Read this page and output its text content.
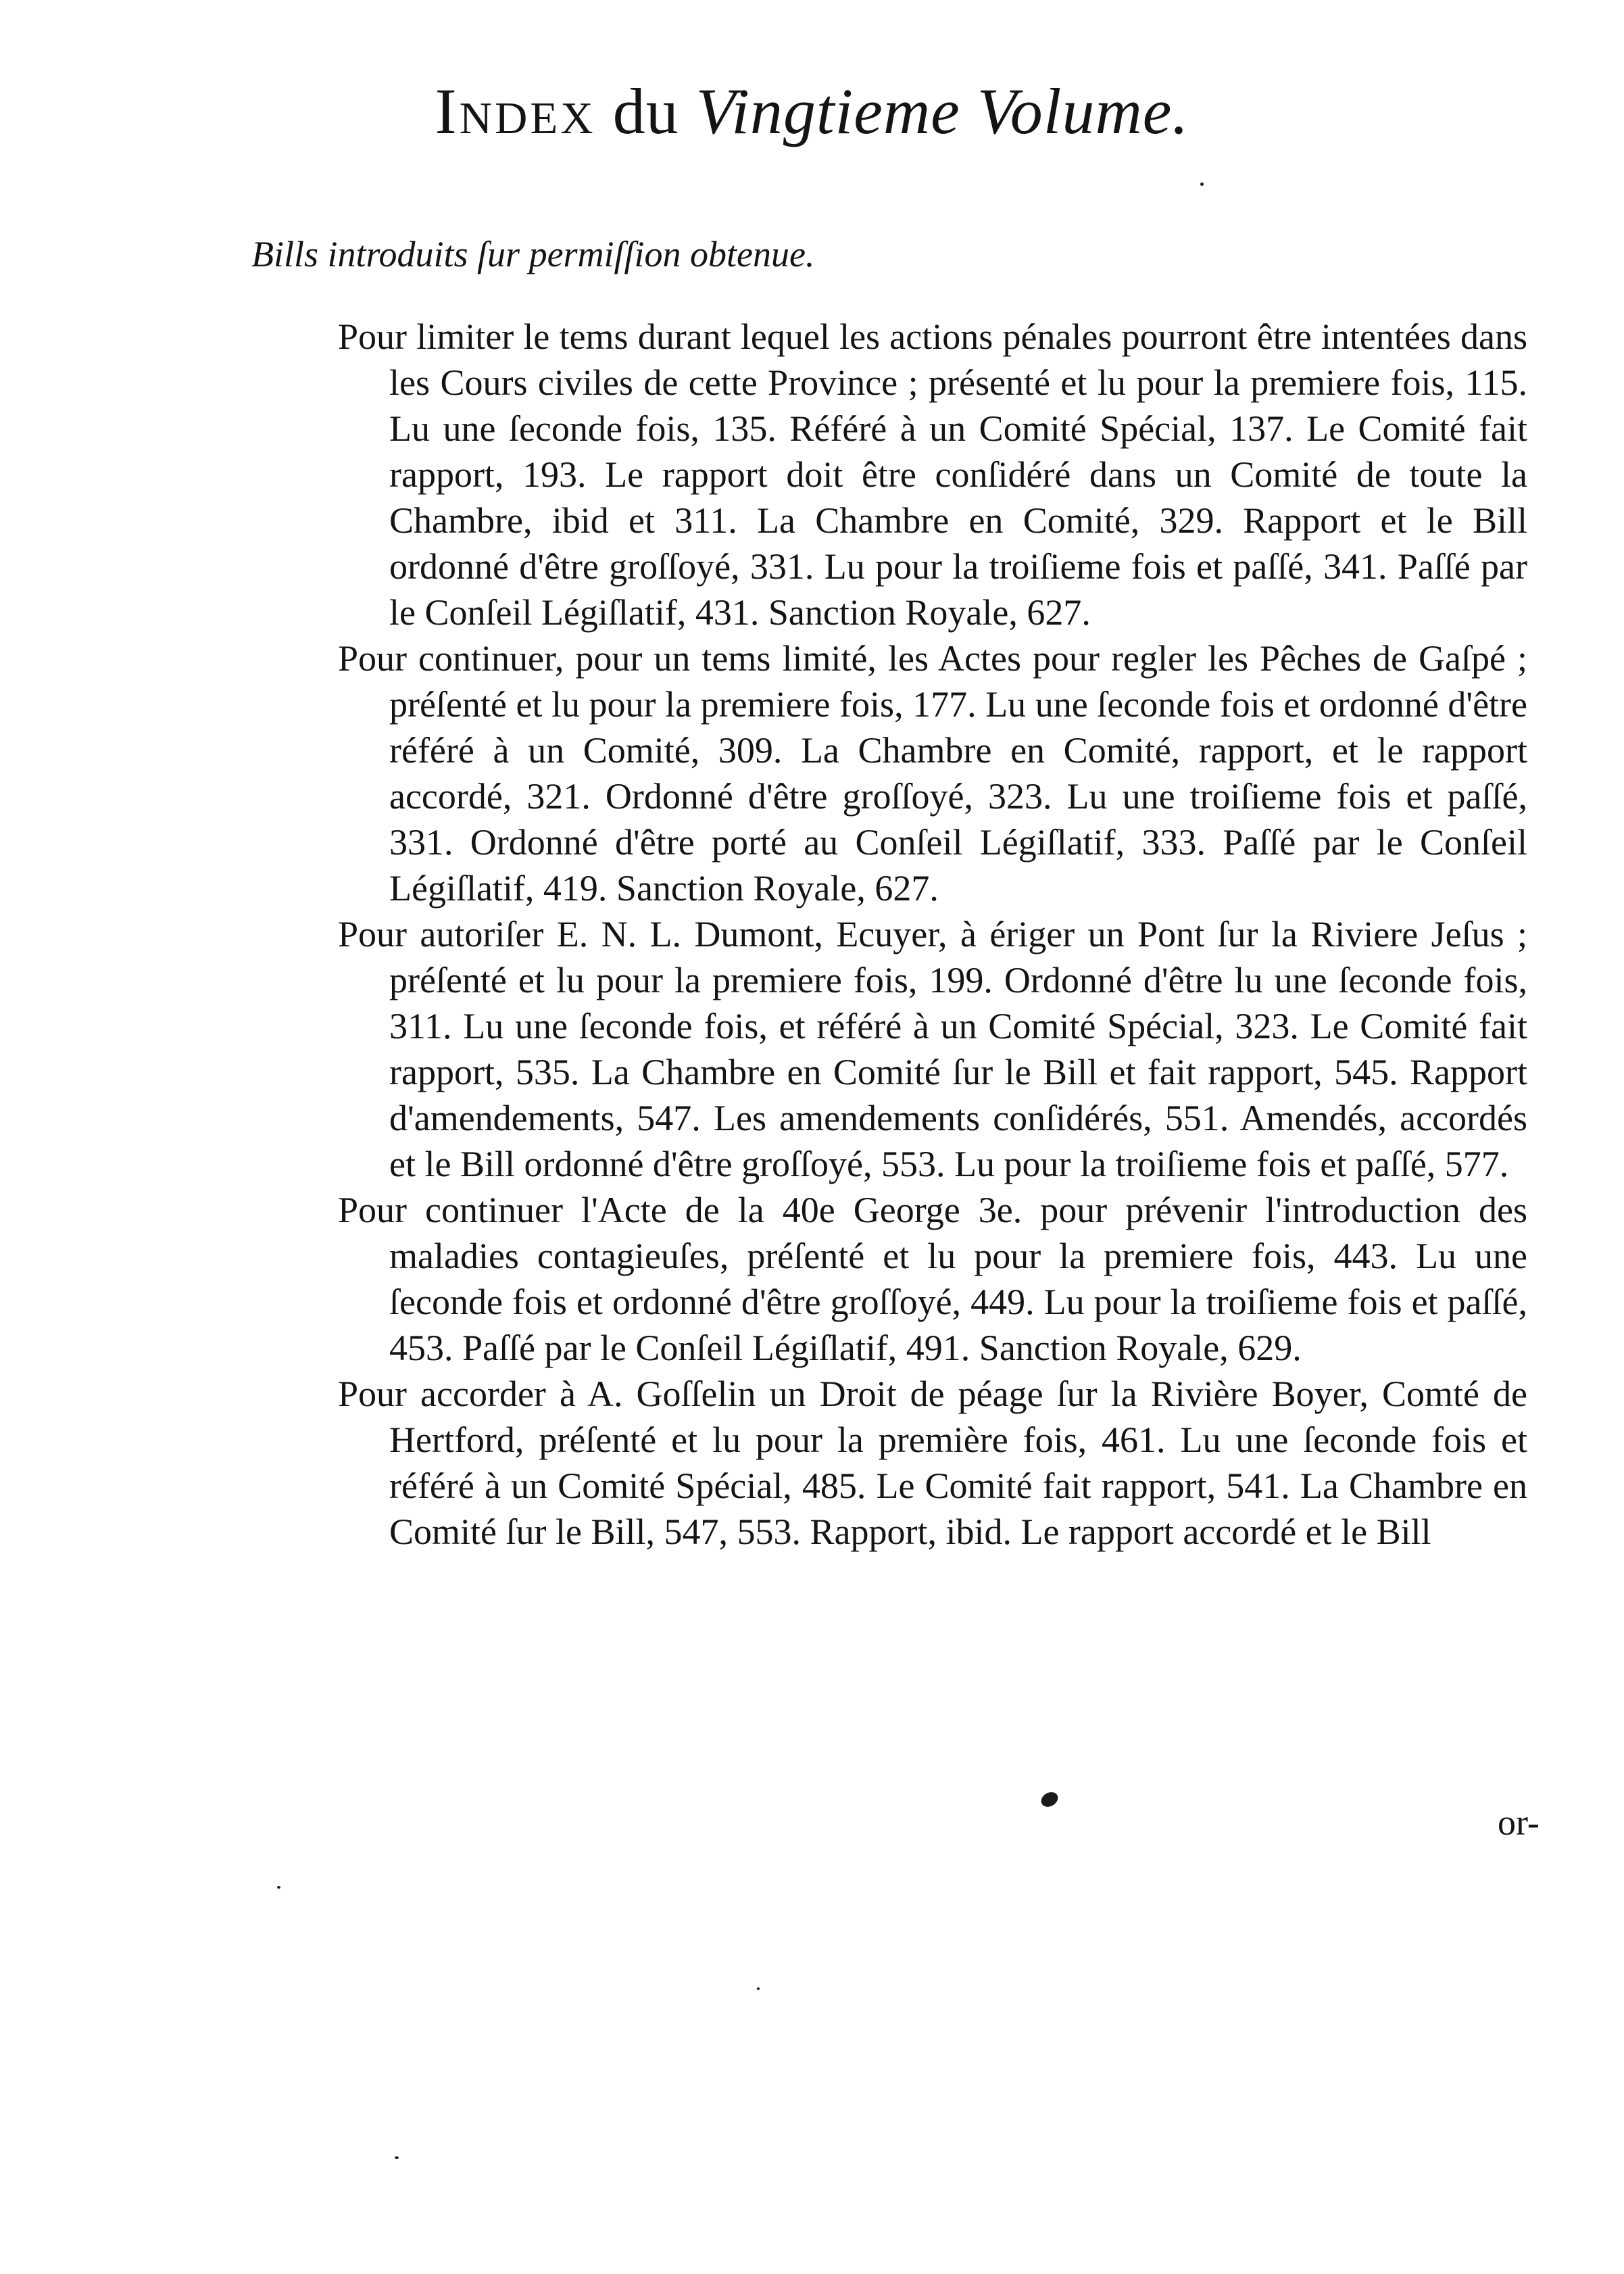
Index du Vingtieme Volume.
Bills introduits ſur permiſſion obtenue.

Pour limiter le tems durant lequel les actions pénales pourront être intentées dans les Cours civiles de cette Province ; présenté et lu pour la premiere fois, 115. Lu une ſeconde fois, 135. Référé à un Comité Spécial, 137. Le Comité fait rapport, 193. Le rapport doit être conſidéré dans un Comité de toute la Chambre, ibid et 311. La Chambre en Comité, 329. Rapport et le Bill ordonné d'être groſſoyé, 331. Lu pour la troiſieme fois et paſſé, 341. Paſſé par le Conſeil Légiſlatif, 431. Sanction Royale, 627.

Pour continuer, pour un tems limité, les Actes pour regler les Pêches de Gaſpé ; préſenté et lu pour la premiere fois, 177. Lu une ſeconde fois et ordonné d'être référé à un Comité, 309. La Chambre en Comité, rapport, et le rapport accordé, 321. Ordonné d'être groſſoyé, 323. Lu une troiſieme fois et paſſé, 331. Ordonné d'être porté au Conſeil Légiſlatif, 333. Paſſé par le Conſeil Légiſlatif, 419. Sanction Royale, 627.

Pour autoriſer E. N. L. Dumont, Ecuyer, à ériger un Pont ſur la Riviere Jeſus ; préſenté et lu pour la premiere fois, 199. Ordonné d'être lu une ſeconde fois, 311. Lu une ſeconde fois, et référé à un Comité Spécial, 323. Le Comité fait rapport, 535. La Chambre en Comité ſur le Bill et fait rapport, 545. Rapport d'amendements, 547. Les amendements conſidérés, 551. Amendés, accordés et le Bill ordonné d'être groſſoyé, 553. Lu pour la troiſieme fois et paſſé, 577.

Pour continuer l'Acte de la 40e George 3e. pour prévenir l'introduction des maladies contagieuſes, préſenté et lu pour la premiere fois, 443. Lu une ſeconde fois et ordonné d'être groſſoyé, 449. Lu pour la troiſieme fois et paſſé, 453. Paſſé par le Conſeil Légiſlatif, 491. Sanction Royale, 629.

Pour accorder à A. Goſſelin un Droit de péage ſur la Rivière Boyer, Comté de Hertford, préſenté et lu pour la première fois, 461. Lu une ſeconde fois et référé à un Comité Spécial, 485. Le Comité fait rapport, 541. La Chambre en Comité ſur le Bill, 547, 553. Rapport, ibid. Le rapport accordé et le Bill

or-
